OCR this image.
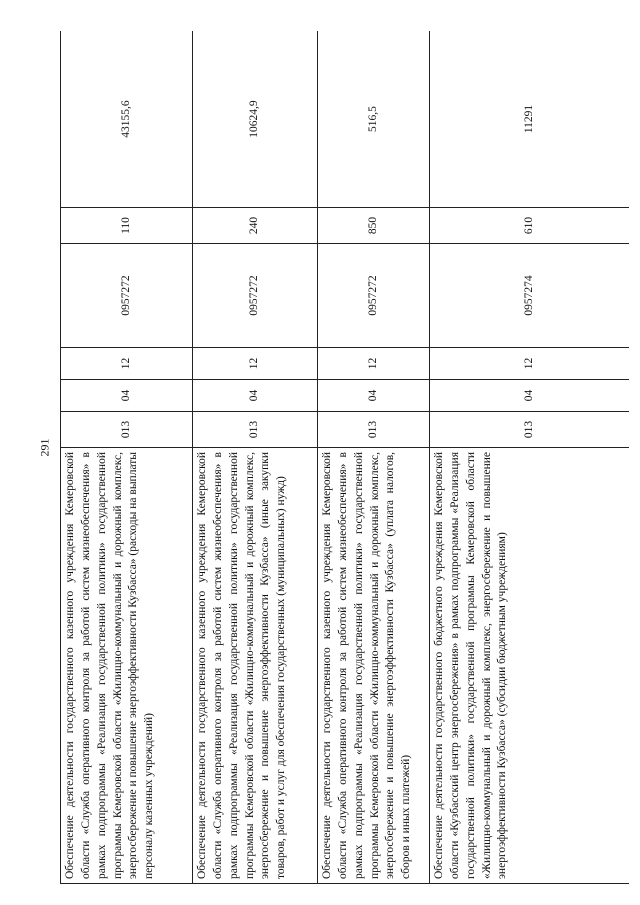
291
Обеспечение деятельности государственного казенного учреждения Кемеровской области «Служба оперативного контроля за работой систем жизнеобеспечения» в рамках подпрограммы «Реализация государственной политики» государственной программы Кемеровской области «Жилищно-коммунальный и дорожный комплекс, энергосбережение и повышение энергоэффективности Кузбасса» (расходы на выплаты персоналу казенных учреждений)	013	04	12	0957272	110	43155,6
Обеспечение деятельности государственного казенного учреждения Кемеровской области «Служба оперативного контроля за работой систем жизнеобеспечения» в рамках подпрограммы «Реализация государственной политики» государственной программы Кемеровской области «Жилищно-коммунальный и дорожный комплекс, энергосбережение и повышение энергоэффективности Кузбасса» (иные закупки товаров, работ и услуг для обеспечения государственных (муниципальных) нужд)	013	04	12	0957272	240	10624,9
Обеспечение деятельности государственного казенного учреждения Кемеровской области «Служба оперативного контроля за работой систем жизнеобеспечения» в рамках подпрограммы «Реализация государственной политики» государственной программы Кемеровской области «Жилищно-коммунальный и дорожный комплекс, энергосбережение и повышение энергоэффективности Кузбасса» (уплата налогов, сборов и иных платежей)	013	04	12	0957272	850	516,5
Обеспечение деятельности государственного бюджетного учреждения Кемеровской области «Кузбасский центр энергосбережения» в рамках подпрограммы «Реализация государственной политики» государственной программы Кемеровской области «Жилищно-коммунальный и дорожный комплекс, энергосбережение и повышение энергоэффективности Кузбасса» (субсидии бюджетным учреждениям)	013	04	12	0957274	610	11291
